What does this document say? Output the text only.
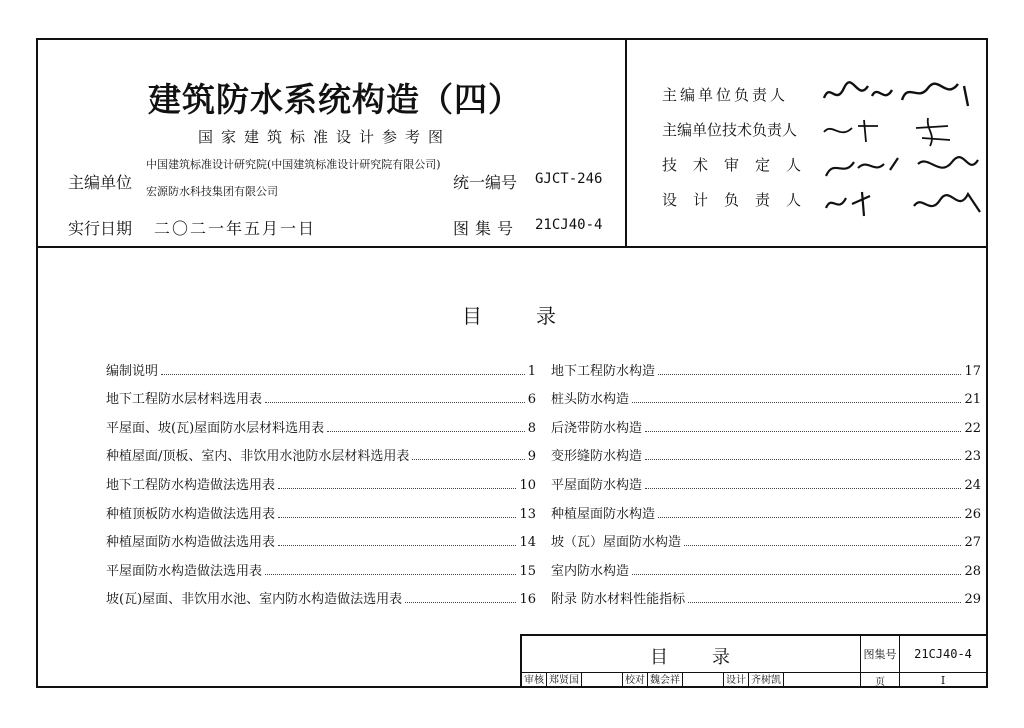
建筑防水系统构造（四）
国家建筑标准设计参考图
主编单位
中国建筑标准设计研究院(中国建筑标准设计研究院有限公司)
宏源防水科技集团有限公司	统一编号 GJCT-246
实行日期 二〇二一年五月一日	图集号 21CJ40-4
主编单位负责人
主编单位技术负责人
技术审定人
设计负责人
目录
编制说明	1
地下工程防水层材料选用表	6
平屋面、坡(瓦)屋面防水层材料选用表	8
种植屋面/顶板、室内、非饮用水池防水层材料选用表	9
地下工程防水构造做法选用表	10
种植顶板防水构造做法选用表	13
种植屋面防水构造做法选用表	14
平屋面防水构造做法选用表	15
坡(瓦)屋面、非饮用水池、室内防水构造做法选用表	16
地下工程防水构造	17
桩头防水构造	21
后浇带防水构造	22
变形缝防水构造	23
平屋面防水构造	24
种植屋面防水构造	26
坡（瓦）屋面防水构造	27
室内防水构造	28
附录 防水材料性能指标	29
目录	图集号	21CJ40-4
审核 郑贤国	校对 魏会祥	设计 齐树凯	页	I
